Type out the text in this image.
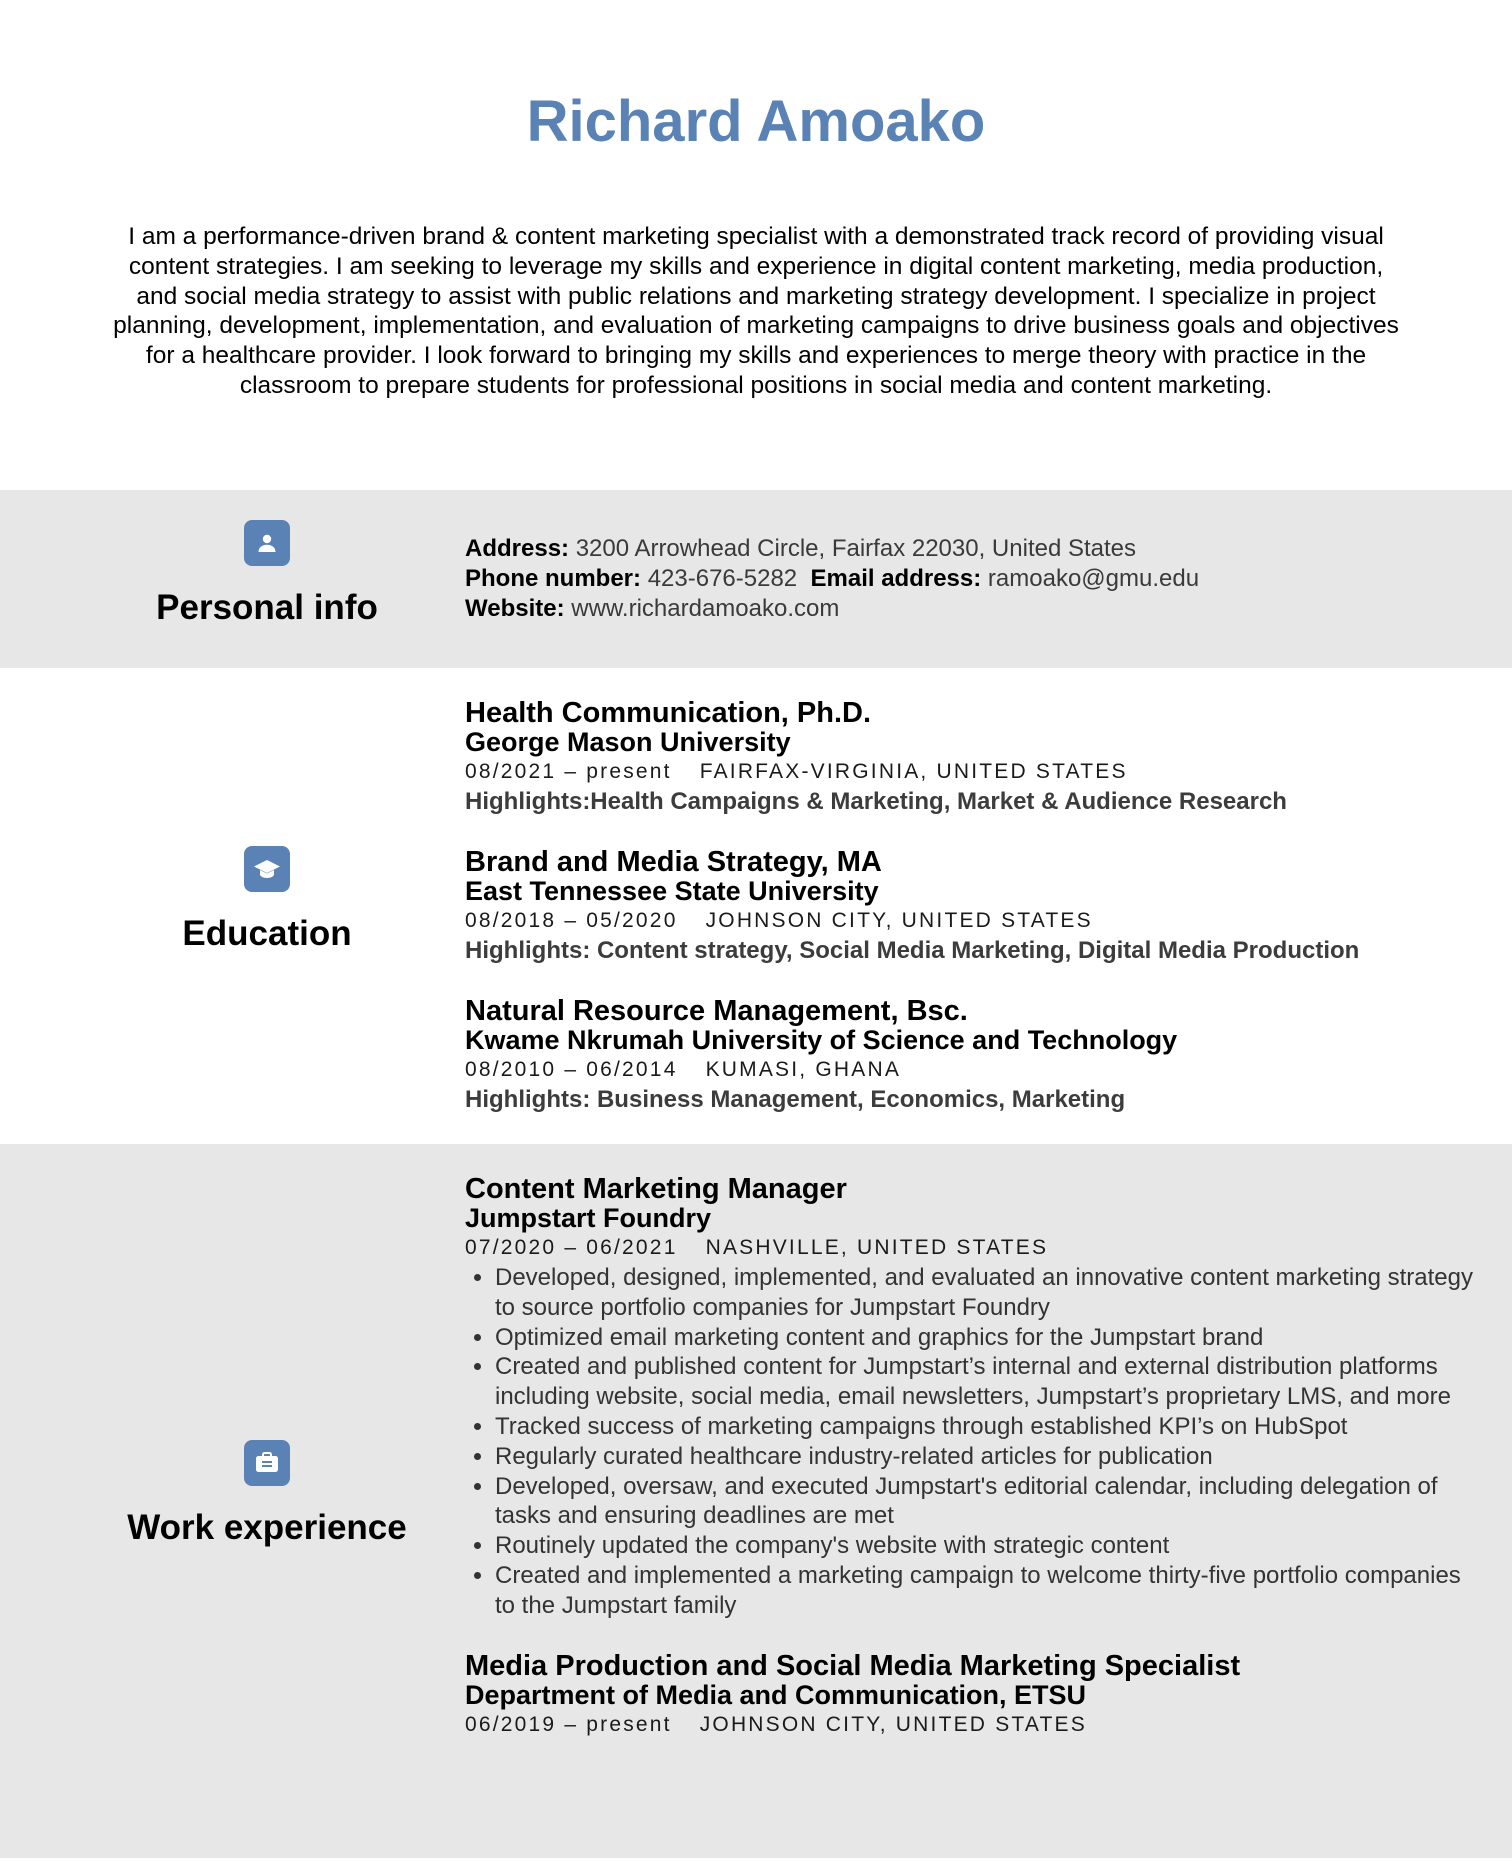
Richard Amoako
I am a performance-driven brand & content marketing specialist with a demonstrated track record of providing visual content strategies. I am seeking to leverage my skills and experience in digital content marketing, media production, and social media strategy to assist with public relations and marketing strategy development. I specialize in project planning, development, implementation, and evaluation of marketing campaigns to drive business goals and objectives for a healthcare provider. I look forward to bringing my skills and experiences to merge theory with practice in the classroom to prepare students for professional positions in social media and content marketing.
Personal info
Address: 3200 Arrowhead Circle, Fairfax 22030, United States
Phone number: 423-676-5282 Email address: ramoako@gmu.edu
Website: www.richardamoako.com
Education
Health Communication, Ph.D.
George Mason University
08/2021 – present FAIRFAX-VIRGINIA, UNITED STATES
Highlights:Health Campaigns & Marketing, Market & Audience Research
Brand and Media Strategy, MA
East Tennessee State University
08/2018 – 05/2020 JOHNSON CITY, UNITED STATES
Highlights: Content strategy, Social Media Marketing, Digital Media Production
Natural Resource Management, Bsc.
Kwame Nkrumah University of Science and Technology
08/2010 – 06/2014 KUMASI, GHANA
Highlights: Business Management, Economics, Marketing
Work experience
Content Marketing Manager
Jumpstart Foundry
07/2020 – 06/2021 NASHVILLE, UNITED STATES
• Developed, designed, implemented, and evaluated an innovative content marketing strategy to source portfolio companies for Jumpstart Foundry
• Optimized email marketing content and graphics for the Jumpstart brand
• Created and published content for Jumpstart’s internal and external distribution platforms including website, social media, email newsletters, Jumpstart’s proprietary LMS, and more
• Tracked success of marketing campaigns through established KPI’s on HubSpot
• Regularly curated healthcare industry-related articles for publication
• Developed, oversaw, and executed Jumpstart's editorial calendar, including delegation of tasks and ensuring deadlines are met
• Routinely updated the company's website with strategic content
• Created and implemented a marketing campaign to welcome thirty-five portfolio companies to the Jumpstart family
Media Production and Social Media Marketing Specialist
Department of Media and Communication, ETSU
06/2019 – present JOHNSON CITY, UNITED STATES
